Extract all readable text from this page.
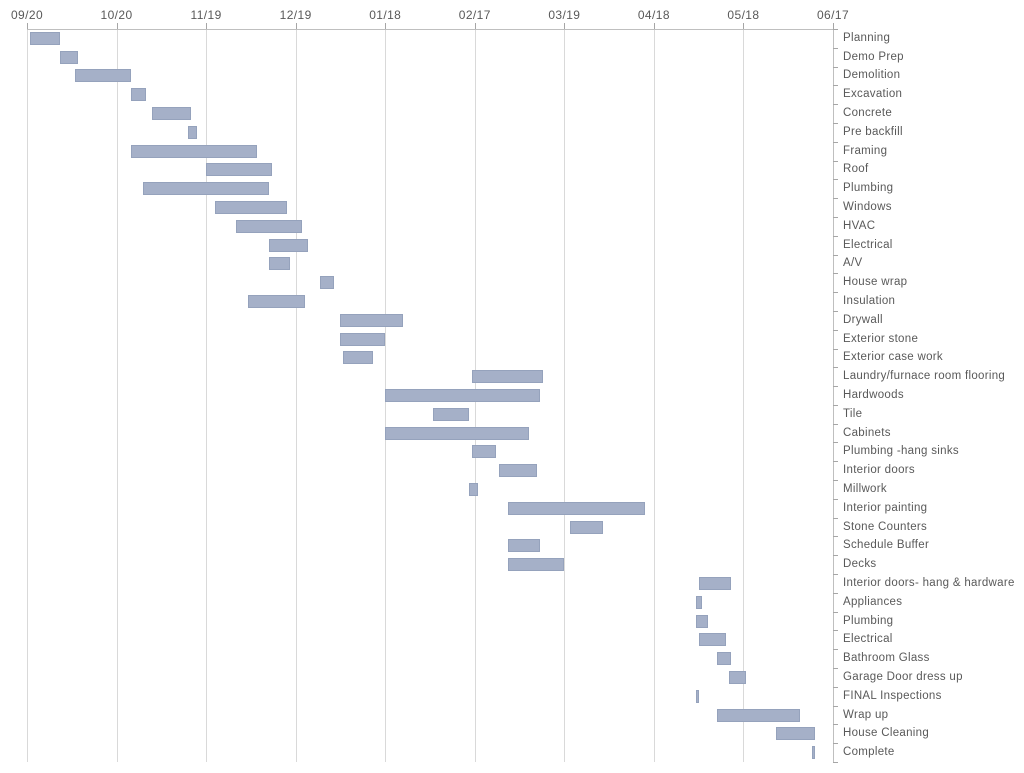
09/20	10/20	11/19	12/19	01/18	02/17	03/19	04/18	05/18	06/17
Planning
Demo Prep
Demolition
Excavation
Concrete
Pre backfill
Framing
Roof
Plumbing
Windows
HVAC
Electrical
A/V
House wrap
Insulation
Drywall
Exterior stone
Exterior case work
Laundry/furnace room flooring
Hardwoods
Tile
Cabinets
Plumbing -hang sinks
Interior doors
Millwork
Interior painting
Stone Counters
Schedule Buffer
Decks
Interior doors- hang & hardware
Appliances
Plumbing
Electrical
Bathroom Glass
Garage Door dress up
FINAL Inspections
Wrap up
House Cleaning
Complete
